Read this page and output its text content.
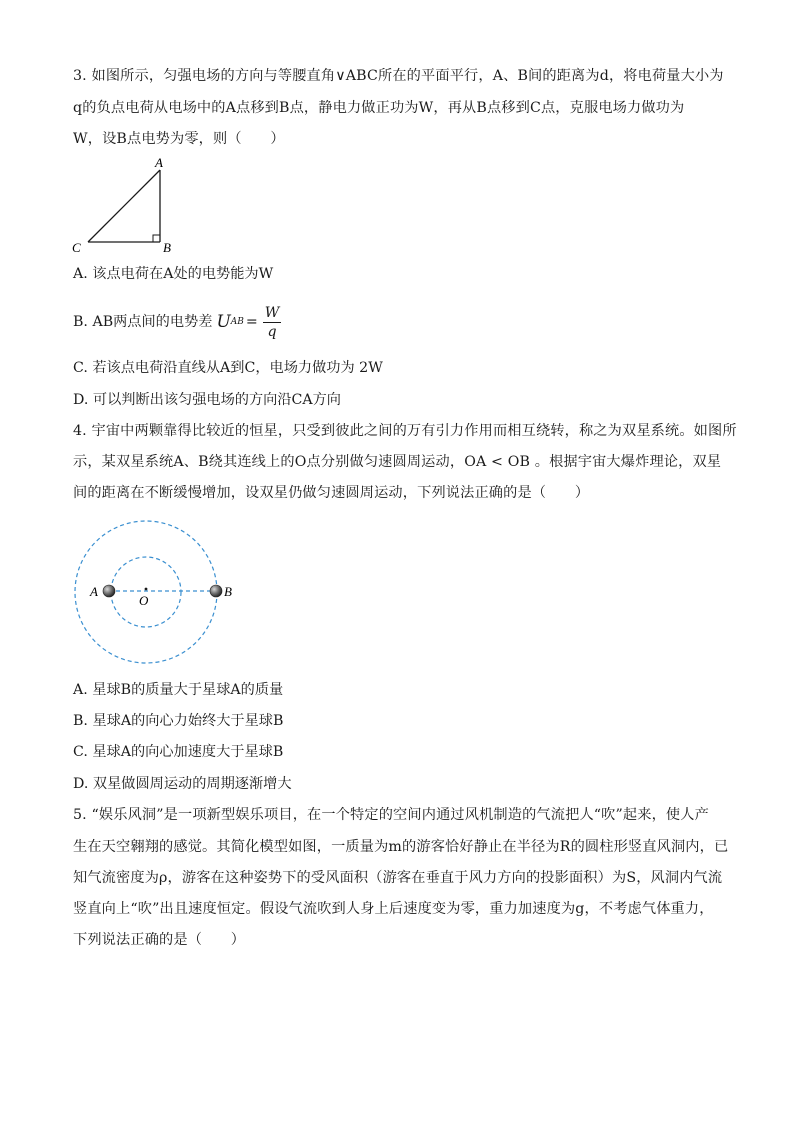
3. 如图所示，匀强电场的方向与等腰直角∨ABC所在的平面平行，A、B间的距离为d，将电荷量大小为
q的负点电荷从电场中的A点移到B点，静电力做正功为W，再从B点移到C点，克服电场力做功为
W，设B点电势为零，则（　　）
A
B
C
A. 该点电荷在A处的电势能为W
B. AB两点间的电势差 U AB = $\frac{W}{q}$
C. 若该点电荷沿直线从A到C，电场力做功为 2W
D. 可以判断出该匀强电场的方向沿CA方向
4. 宇宙中两颗靠得比较近的恒星，只受到彼此之间的万有引力作用而相互绕转，称之为双星系统。如图所
示，某双星系统A、B绕其连线上的O点分别做匀速圆周运动，OA < OB 。根据宇宙大爆炸理论，双星
间的距离在不断缓慢增加，设双星仍做匀速圆周运动，下列说法正确的是（　　）
A	B
O
A. 星球B的质量大于星球A的质量
B. 星球A的向心力始终大于星球B
C. 星球A的向心加速度大于星球B
D. 双星做圆周运动的周期逐渐增大
5. “娱乐风洞”是一项新型娱乐项目，在一个特定的空间内通过风机制造的气流把人“吹”起来，使人产
生在天空翱翔的感觉。其简化模型如图，一质量为m的游客恰好静止在半径为R的圆柱形竖直风洞内，已
知气流密度为ρ，游客在这种姿势下的受风面积（游客在垂直于风力方向的投影面积）为S，风洞内气流
竖直向上“吹”出且速度恒定。假设气流吹到人身上后速度变为零，重力加速度为g，不考虑气体重力，
下列说法正确的是（　　）
